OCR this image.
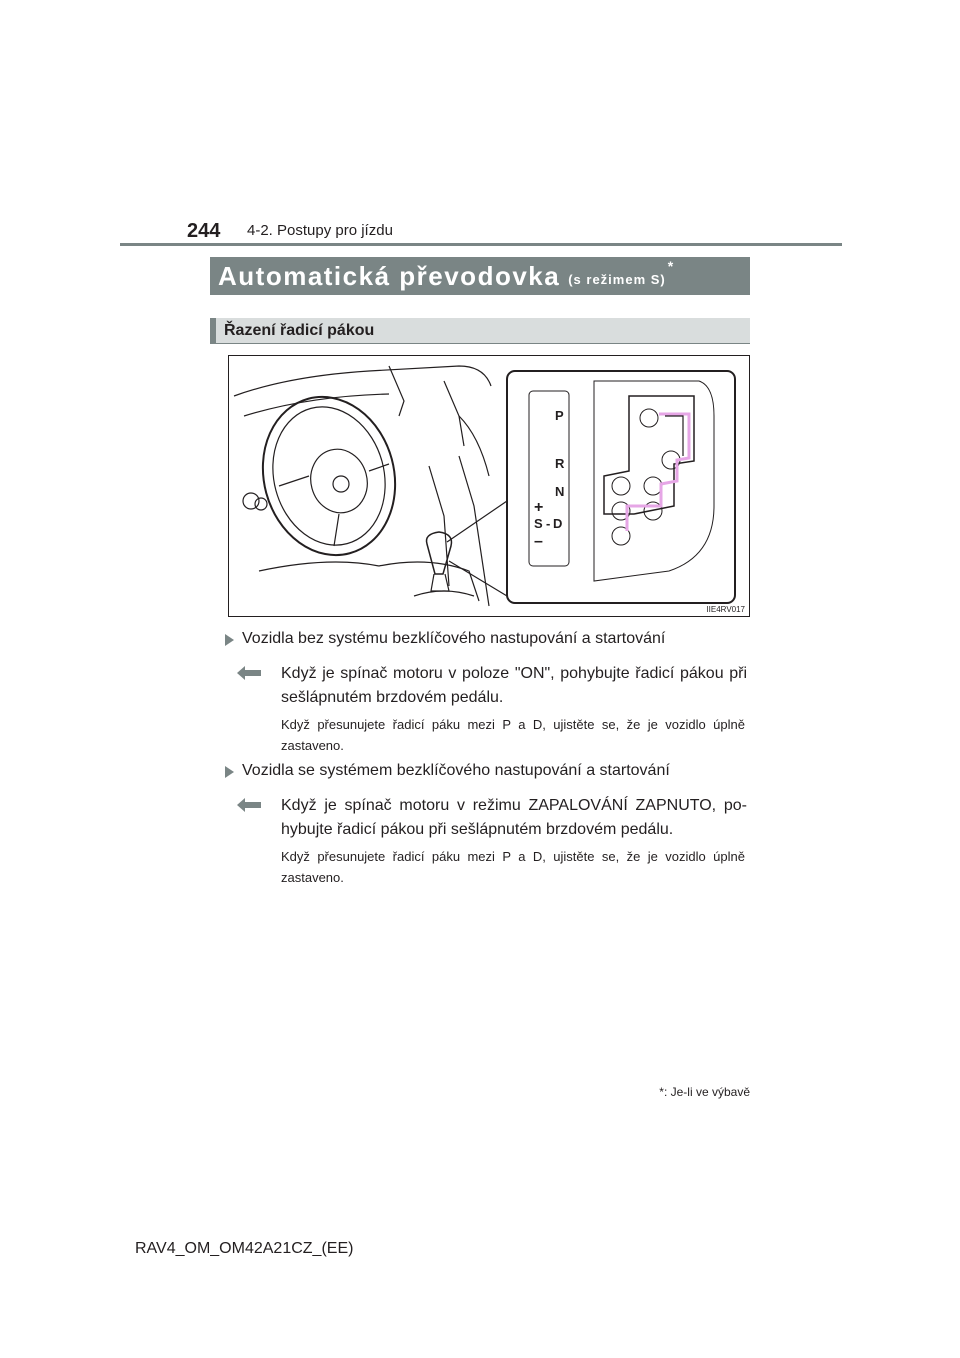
244 4-2. Postupy pro jízdu
Automatická převodovka (s režimem S)
*
Řazení řadicí pákou
P
R
N
+
S - D
–
IIE4RV017
Vozidla bez systému bezklíčového nastupování a startování
Když je spínač motoru v poloze "ON", pohybujte řadicí pákou při sešlápnutém brzdovém pedálu.
Když přesunujete řadicí páku mezi P a D, ujistěte se, že je vozidlo úplně zastaveno.
Vozidla se systémem bezklíčového nastupování a startování
Když je spínač motoru v režimu ZAPALOVÁNÍ ZAPNUTO, po-hybujte řadicí pákou při sešlápnutém brzdovém pedálu.
Když přesunujete řadicí páku mezi P a D, ujistěte se, že je vozidlo úplně zastaveno.
*: Je-li ve výbavě
RAV4_OM_OM42A21CZ_(EE)
